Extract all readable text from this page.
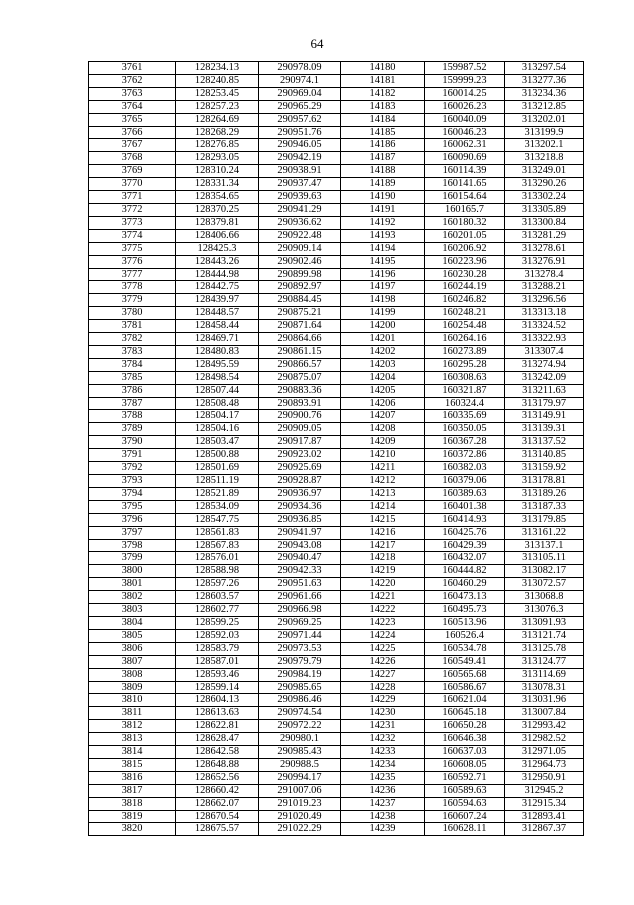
64
3761	128234.13	290978.09	14180	159987.52	313297.54
3762	128240.85	290974.1	14181	159999.23	313277.36
3763	128253.45	290969.04	14182	160014.25	313234.36
3764	128257.23	290965.29	14183	160026.23	313212.85
3765	128264.69	290957.62	14184	160040.09	313202.01
3766	128268.29	290951.76	14185	160046.23	313199.9
3767	128276.85	290946.05	14186	160062.31	313202.1
3768	128293.05	290942.19	14187	160090.69	313218.8
3769	128310.24	290938.91	14188	160114.39	313249.01
3770	128331.34	290937.47	14189	160141.65	313290.26
3771	128354.65	290939.63	14190	160154.64	313302.24
3772	128370.25	290941.29	14191	160165.7	313305.89
3773	128379.81	290936.62	14192	160180.32	313300.84
3774	128406.66	290922.48	14193	160201.05	313281.29
3775	128425.3	290909.14	14194	160206.92	313278.61
3776	128443.26	290902.46	14195	160223.96	313276.91
3777	128444.98	290899.98	14196	160230.28	313278.4
3778	128442.75	290892.97	14197	160244.19	313288.21
3779	128439.97	290884.45	14198	160246.82	313296.56
3780	128448.57	290875.21	14199	160248.21	313313.18
3781	128458.44	290871.64	14200	160254.48	313324.52
3782	128469.71	290864.66	14201	160264.16	313322.93
3783	128480.83	290861.15	14202	160273.89	313307.4
3784	128495.59	290866.57	14203	160295.28	313274.94
3785	128498.54	290875.07	14204	160308.63	313242.09
3786	128507.44	290883.36	14205	160321.87	313211.63
3787	128508.48	290893.91	14206	160324.4	313179.97
3788	128504.17	290900.76	14207	160335.69	313149.91
3789	128504.16	290909.05	14208	160350.05	313139.31
3790	128503.47	290917.87	14209	160367.28	313137.52
3791	128500.88	290923.02	14210	160372.86	313140.85
3792	128501.69	290925.69	14211	160382.03	313159.92
3793	128511.19	290928.87	14212	160379.06	313178.81
3794	128521.89	290936.97	14213	160389.63	313189.26
3795	128534.09	290934.36	14214	160401.38	313187.33
3796	128547.75	290936.85	14215	160414.93	313179.85
3797	128561.83	290941.97	14216	160425.76	313161.22
3798	128567.83	290943.08	14217	160429.39	313137.1
3799	128576.01	290940.47	14218	160432.07	313105.11
3800	128588.98	290942.33	14219	160444.82	313082.17
3801	128597.26	290951.63	14220	160460.29	313072.57
3802	128603.57	290961.66	14221	160473.13	313068.8
3803	128602.77	290966.98	14222	160495.73	313076.3
3804	128599.25	290969.25	14223	160513.96	313091.93
3805	128592.03	290971.44	14224	160526.4	313121.74
3806	128583.79	290973.53	14225	160534.78	313125.78
3807	128587.01	290979.79	14226	160549.41	313124.77
3808	128593.46	290984.19	14227	160565.68	313114.69
3809	128599.14	290985.65	14228	160586.67	313078.31
3810	128604.13	290986.46	14229	160621.04	313031.96
3811	128613.63	290974.54	14230	160645.18	313007.84
3812	128622.81	290972.22	14231	160650.28	312993.42
3813	128628.47	290980.1	14232	160646.38	312982.52
3814	128642.58	290985.43	14233	160637.03	312971.05
3815	128648.88	290988.5	14234	160608.05	312964.73
3816	128652.56	290994.17	14235	160592.71	312950.91
3817	128660.42	291007.06	14236	160589.63	312945.2
3818	128662.07	291019.23	14237	160594.63	312915.34
3819	128670.54	291020.49	14238	160607.24	312893.41
3820	128675.57	291022.29	14239	160628.11	312867.37
